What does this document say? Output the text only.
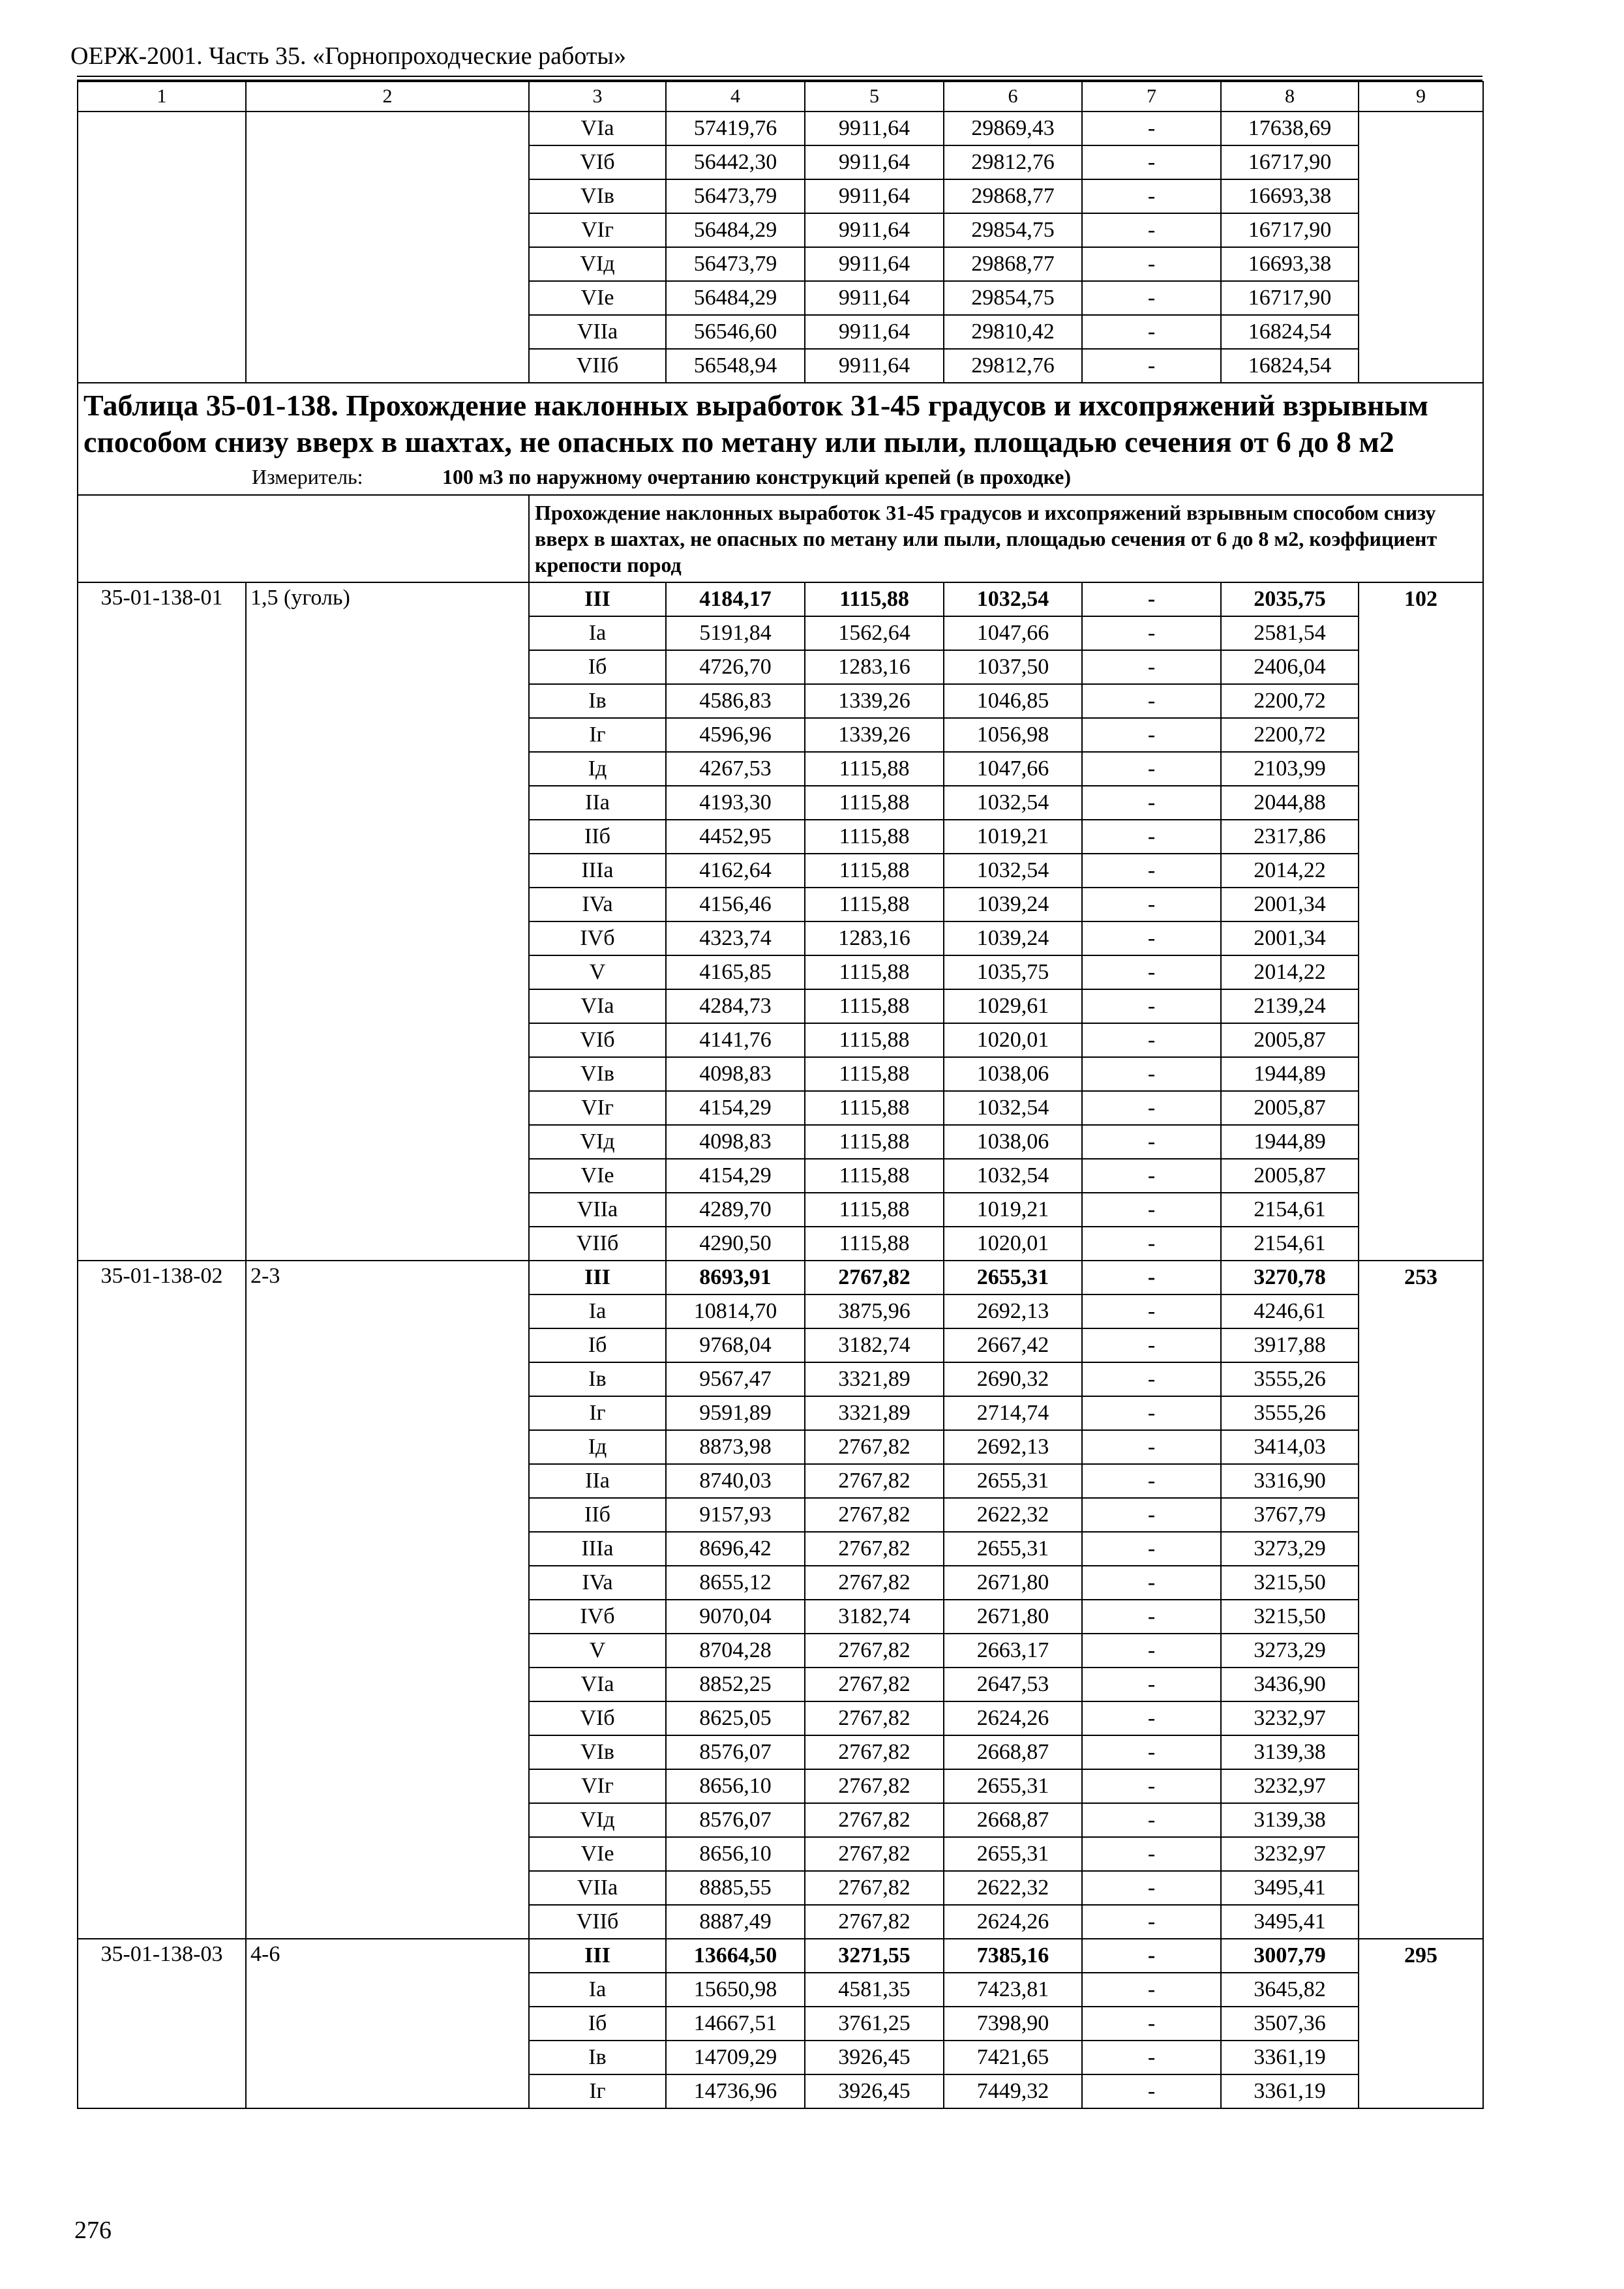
ОЕРЖ-2001. Часть 35. «Горнопроходческие работы»
1	2	3	4	5	6	7	8	9
		VIa	57419,76	9911,64	29869,43	-	17638,69	
		VIб	56442,30	9911,64	29812,76	-	16717,90	
		VIв	56473,79	9911,64	29868,77	-	16693,38	
		VIг	56484,29	9911,64	29854,75	-	16717,90	
		VIд	56473,79	9911,64	29868,77	-	16693,38	
		VIe	56484,29	9911,64	29854,75	-	16717,90	
		VIIa	56546,60	9911,64	29810,42	-	16824,54	
		VIIб	56548,94	9911,64	29812,76	-	16824,54	

Таблица 35-01-138. Прохождение наклонных выработок 31-45 градусов и ихсопряжений взрывным способом снизу вверх в шахтах, не опасных по метану или пыли, площадью сечения от 6 до 8 м2
Измеритель: 100 м3 по наружному очертанию конструкций крепей (в проходке)								

		Прохождение наклонных выработок 31-45 градусов и ихсопряжений взрывным способом снизу вверх в шахтах, не опасных по метану или пыли, площадью сечения от 6 до 8 м2, коэффициент крепости пород						
35-01-138-01	1,5 (уголь)	III	4184,17	1115,88	1032,54	-	2035,75	102
		Ia	5191,84	1562,64	1047,66	-	2581,54	
		Iб	4726,70	1283,16	1037,50	-	2406,04	
		Iв	4586,83	1339,26	1046,85	-	2200,72	
		Iг	4596,96	1339,26	1056,98	-	2200,72	
		Iд	4267,53	1115,88	1047,66	-	2103,99	
		IIa	4193,30	1115,88	1032,54	-	2044,88	
		IIб	4452,95	1115,88	1019,21	-	2317,86	
		IIIa	4162,64	1115,88	1032,54	-	2014,22	
		IVa	4156,46	1115,88	1039,24	-	2001,34	
		IVб	4323,74	1283,16	1039,24	-	2001,34	
		V	4165,85	1115,88	1035,75	-	2014,22	
		VIa	4284,73	1115,88	1029,61	-	2139,24	
		VIб	4141,76	1115,88	1020,01	-	2005,87	
		VIв	4098,83	1115,88	1038,06	-	1944,89	
		VIг	4154,29	1115,88	1032,54	-	2005,87	
		VIд	4098,83	1115,88	1038,06	-	1944,89	
		VIe	4154,29	1115,88	1032,54	-	2005,87	
		VIIa	4289,70	1115,88	1019,21	-	2154,61	
		VIIб	4290,50	1115,88	1020,01	-	2154,61	
35-01-138-02	2-3	III	8693,91	2767,82	2655,31	-	3270,78	253
		Ia	10814,70	3875,96	2692,13	-	4246,61	
		Iб	9768,04	3182,74	2667,42	-	3917,88	
		Iв	9567,47	3321,89	2690,32	-	3555,26	
		Iг	9591,89	3321,89	2714,74	-	3555,26	
		Iд	8873,98	2767,82	2692,13	-	3414,03	
		IIa	8740,03	2767,82	2655,31	-	3316,90	
		IIб	9157,93	2767,82	2622,32	-	3767,79	
		IIIa	8696,42	2767,82	2655,31	-	3273,29	
		IVa	8655,12	2767,82	2671,80	-	3215,50	
		IVб	9070,04	3182,74	2671,80	-	3215,50	
		V	8704,28	2767,82	2663,17	-	3273,29	
		VIa	8852,25	2767,82	2647,53	-	3436,90	
		VIб	8625,05	2767,82	2624,26	-	3232,97	
		VIв	8576,07	2767,82	2668,87	-	3139,38	
		VIг	8656,10	2767,82	2655,31	-	3232,97	
		VIд	8576,07	2767,82	2668,87	-	3139,38	
		VIe	8656,10	2767,82	2655,31	-	3232,97	
		VIIa	8885,55	2767,82	2622,32	-	3495,41	
		VIIб	8887,49	2767,82	2624,26	-	3495,41	
35-01-138-03	4-6	III	13664,50	3271,55	7385,16	-	3007,79	295
		Ia	15650,98	4581,35	7423,81	-	3645,82	
		Iб	14667,51	3761,25	7398,90	-	3507,36	
		Iв	14709,29	3926,45	7421,65	-	3361,19	
		Iг	14736,96	3926,45	7449,32	-	3361,19	
276
